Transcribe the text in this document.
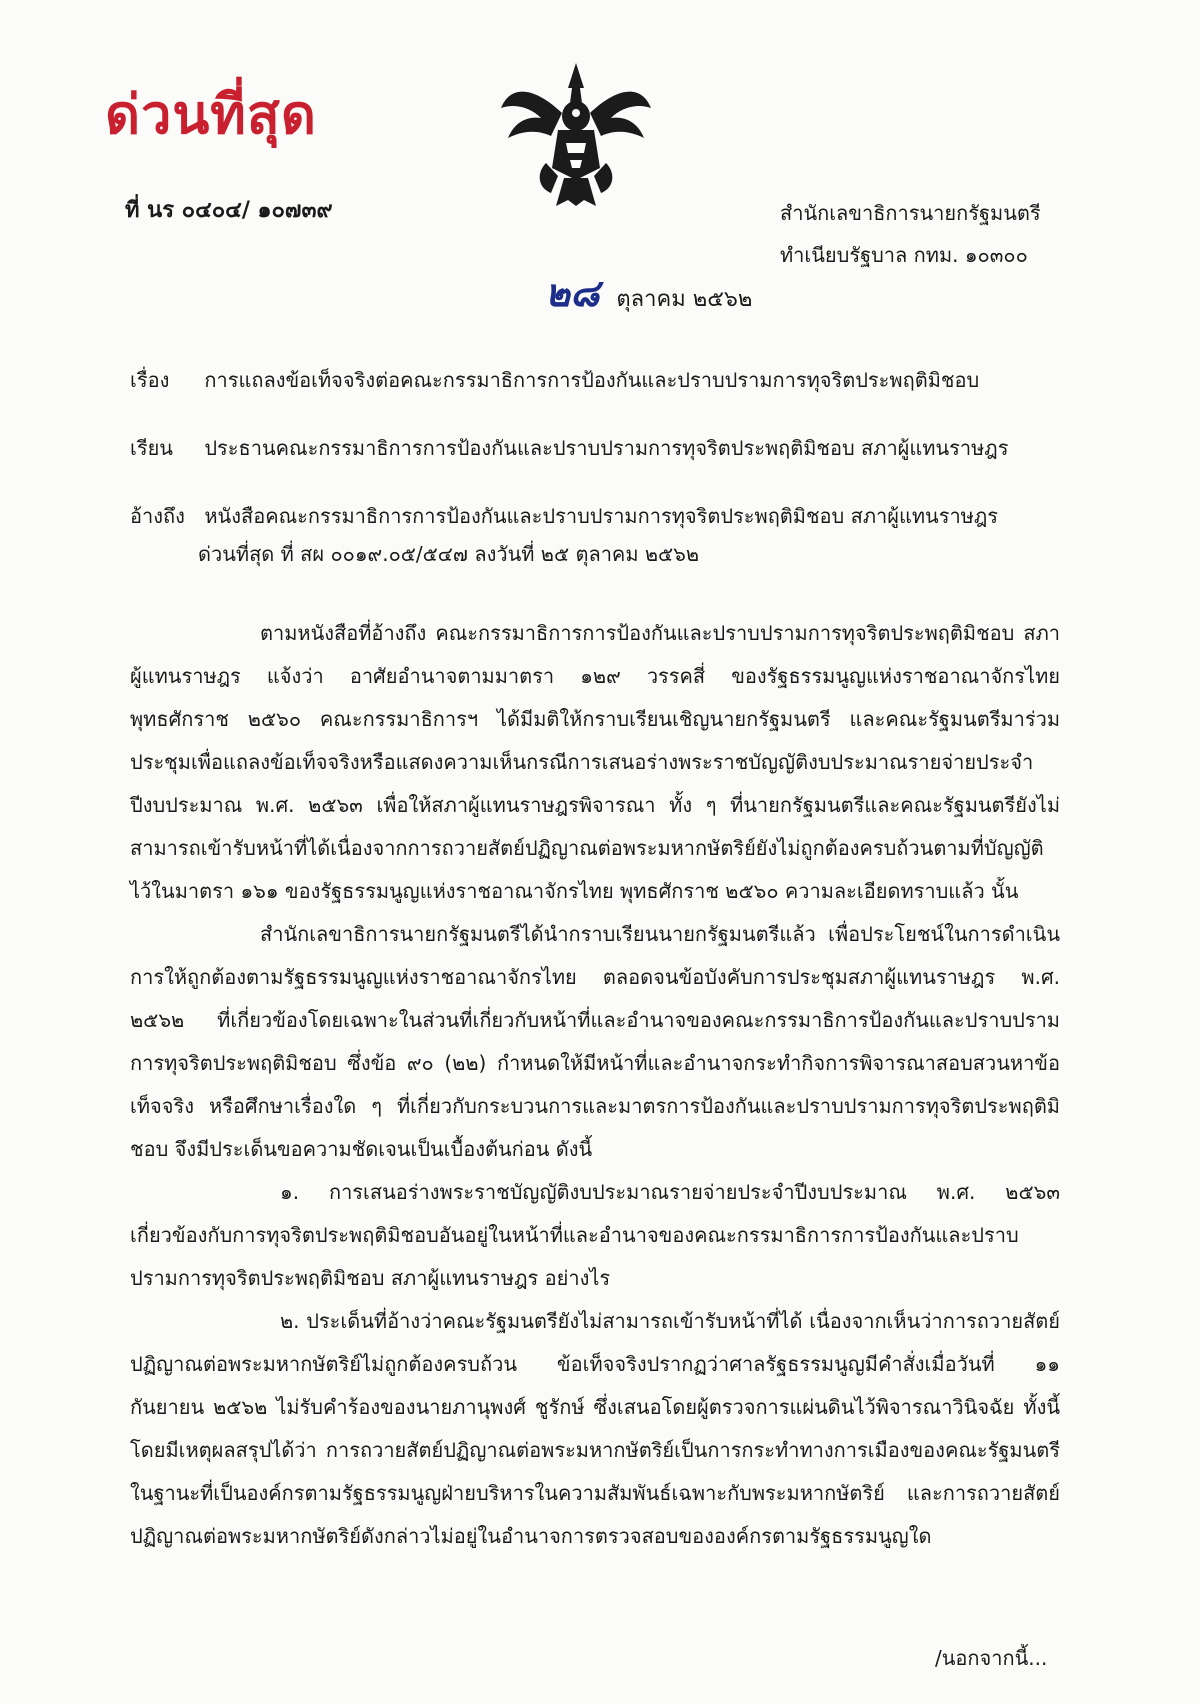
ด่วนที่สุด
ที่ นร ๐๔๐๔/ ๑๐๗๓๙	สำนักเลขาธิการนายกรัฐมนตรี
ทำเนียบรัฐบาล กทม. ๑๐๓๐๐
๒๘ ตุลาคม ๒๕๖๒
เรื่อง การแถลงข้อเท็จจริงต่อคณะกรรมาธิการการป้องกันและปราบปรามการทุจริตประพฤติมิชอบ
เรียน ประธานคณะกรรมาธิการการป้องกันและปราบปรามการทุจริตประพฤติมิชอบ สภาผู้แทนราษฎร
อ้างถึง หนังสือคณะกรรมาธิการการป้องกันและปราบปรามการทุจริตประพฤติมิชอบ สภาผู้แทนราษฎร
ด่วนที่สุด ที่ สผ ๐๐๑๙.๐๕/๕๔๗ ลงวันที่ ๒๕ ตุลาคม ๒๕๖๒

ตามหนังสือที่อ้างถึง คณะกรรมาธิการการป้องกันและปราบปรามการทุจริตประพฤติมิชอบ สภาผู้แทนราษฎร แจ้งว่า อาศัยอำนาจตามมาตรา ๑๒๙ วรรคสี่ ของรัฐธรรมนูญแห่งราชอาณาจักรไทย พุทธศักราช ๒๕๖๐ คณะกรรมาธิการฯ ได้มีมติให้กราบเรียนเชิญนายกรัฐมนตรี และคณะรัฐมนตรีมาร่วมประชุมเพื่อแถลงข้อเท็จจริงหรือแสดงความเห็นกรณีการเสนอร่างพระราชบัญญัติงบประมาณรายจ่ายประจำปีงบประมาณ พ.ศ. ๒๕๖๓ เพื่อให้สภาผู้แทนราษฎรพิจารณา ทั้ง ๆ ที่นายกรัฐมนตรีและคณะรัฐมนตรียังไม่สามารถเข้ารับหน้าที่ได้เนื่องจากการถวายสัตย์ปฏิญาณต่อพระมหากษัตริย์ยังไม่ถูกต้องครบถ้วนตามที่บัญญัติไว้ในมาตรา ๑๖๑ ของรัฐธรรมนูญแห่งราชอาณาจักรไทย พุทธศักราช ๒๕๖๐ ความละเอียดทราบแล้ว นั้น

สำนักเลขาธิการนายกรัฐมนตรีได้นำกราบเรียนนายกรัฐมนตรีแล้ว เพื่อประโยชน์ในการดำเนินการให้ถูกต้องตามรัฐธรรมนูญแห่งราชอาณาจักรไทย ตลอดจนข้อบังคับการประชุมสภาผู้แทนราษฎร พ.ศ. ๒๕๖๒ ที่เกี่ยวข้องโดยเฉพาะในส่วนที่เกี่ยวกับหน้าที่และอำนาจของคณะกรรมาธิการป้องกันและปราบปรามการทุจริตประพฤติมิชอบ ซึ่งข้อ ๙๐ (๒๒) กำหนดให้มีหน้าที่และอำนาจกระทำกิจการพิจารณาสอบสวนหาข้อเท็จจริง หรือศึกษาเรื่องใด ๆ ที่เกี่ยวกับกระบวนการและมาตรการป้องกันและปราบปรามการทุจริตประพฤติมิชอบ จึงมีประเด็นขอความชัดเจนเป็นเบื้องต้นก่อน ดังนี้

๑. การเสนอร่างพระราชบัญญัติงบประมาณรายจ่ายประจำปีงบประมาณ พ.ศ. ๒๕๖๓ เกี่ยวข้องกับการทุจริตประพฤติมิชอบอันอยู่ในหน้าที่และอำนาจของคณะกรรมาธิการการป้องกันและปราบปรามการทุจริตประพฤติมิชอบ สภาผู้แทนราษฎร อย่างไร

๒. ประเด็นที่อ้างว่าคณะรัฐมนตรียังไม่สามารถเข้ารับหน้าที่ได้ เนื่องจากเห็นว่าการถวายสัตย์ปฏิญาณต่อพระมหากษัตริย์ไม่ถูกต้องครบถ้วน ข้อเท็จจริงปรากฏว่าศาลรัฐธรรมนูญมีคำสั่งเมื่อวันที่ ๑๑ กันยายน ๒๕๖๒ ไม่รับคำร้องของนายภานุพงศ์ ชูรักษ์ ซึ่งเสนอโดยผู้ตรวจการแผ่นดินไว้พิจารณาวินิจฉัย ทั้งนี้ โดยมีเหตุผลสรุปได้ว่า การถวายสัตย์ปฏิญาณต่อพระมหากษัตริย์เป็นการกระทำทางการเมืองของคณะรัฐมนตรีในฐานะที่เป็นองค์กรตามรัฐธรรมนูญฝ่ายบริหารในความสัมพันธ์เฉพาะกับพระมหากษัตริย์ และการถวายสัตย์ปฏิญาณต่อพระมหากษัตริย์ดังกล่าวไม่อยู่ในอำนาจการตรวจสอบขององค์กรตามรัฐธรรมนูญใด

/นอกจากนี้...
